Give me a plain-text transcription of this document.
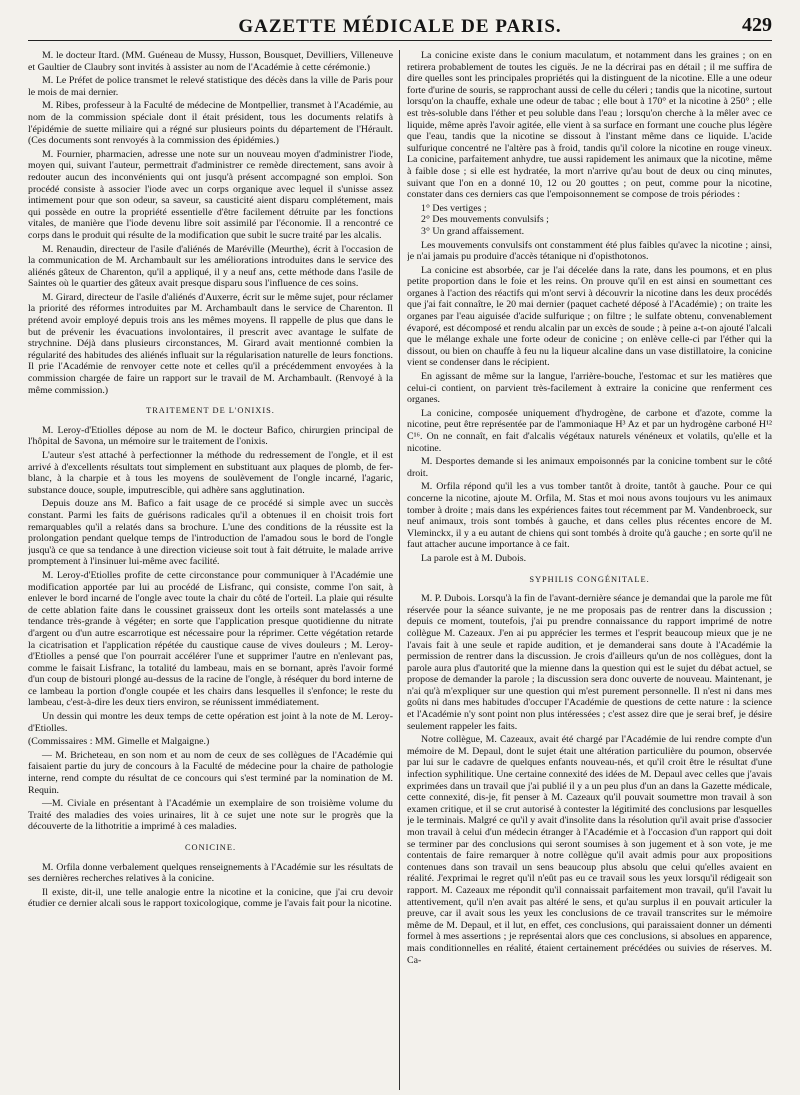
GAZETTE MÉDICALE DE PARIS.	429

M. le docteur Itard. (MM. Guéneau de Mussy, Husson, Bousquet, Devilliers, Villeneuve et Gaultier de Claubry sont invités à assister au nom de l'Académie à cette cérémonie.)

M. Le Préfet de police transmet le relevé statistique des décès dans la ville de Paris pour le mois de mai dernier.

M. Ribes, professeur à la Faculté de médecine de Montpellier, transmet à l'Académie, au nom de la commission spéciale dont il était président, tous les documents relatifs à l'épidémie de suette miliaire qui a régné sur plusieurs points du département de l'Hérault. (Ces documents sont renvoyés à la commission des épidémies.)

M. Fournier, pharmacien, adresse une note sur un nouveau moyen d'administrer l'iode, moyen qui, suivant l'auteur, permettrait d'administrer ce remède directement, sans avoir à redouter aucun des inconvénients qui ont jusqu'à présent accompagné son emploi. Son procédé consiste à associer l'iode avec un corps organique avec lequel il s'unisse assez intimement pour que son odeur, sa saveur, sa causticité aient disparu complétement, mais qui possède en outre la propriété essentielle d'être facilement détruite par les fonctions vitales, de manière que l'iode devenu libre soit assimilé par l'économie. Il a rencontré ce corps dans le produit qui résulte de la modification que subit le sucre traité par les alcalis.

M. Renaudin, directeur de l'asile d'aliénés de Maréville (Meurthe), écrit à l'occasion de la communication de M. Archambault sur les améliorations introduites dans le service des aliénés gâteux de Charenton, qu'il a appliqué, il y a neuf ans, cette méthode dans l'asile de Saintes où le quartier des gâteux avait presque disparu sous l'influence de ces soins.

M. Girard, directeur de l'asile d'aliénés d'Auxerre, écrit sur le même sujet, pour réclamer la priorité des réformes introduites par M. Archambault dans le service de Charenton. Il prétend avoir employé depuis trois ans les mêmes moyens. Il rappelle de plus que dans le but de prévenir les évacuations involontaires, il prescrit avec avantage le sulfate de strychnine. Déjà dans plusieurs circonstances, M. Girard avait mentionné combien la régularité des habitudes des aliénés influait sur la régularisation naturelle de leurs fonctions. Il prie l'Académie de renvoyer cette note et celles qu'il a précédemment envoyées à la commission chargée de faire un rapport sur le travail de M. Archambault. (Renvoyé à la même commission.)

TRAITEMENT DE L'ONIXIS.

M. Leroy-d'Etiolles dépose au nom de M. le docteur Bafico, chirurgien principal de l'hôpital de Savona, un mémoire sur le traitement de l'onixis.

L'auteur s'est attaché à perfectionner la méthode du redressement de l'ongle, et il est arrivé à d'excellents résultats tout simplement en substituant aux plaques de plomb, de fer-blanc, à la charpie et à tous les moyens de soulèvement de l'ongle incarné, l'agaric, substance douce, souple, imputrescible, qui adhère sans agglutination.

Depuis douze ans M. Bafico a fait usage de ce procédé si simple avec un succès constant. Parmi les faits de guérisons radicales qu'il a obtenues il en choisit trois fort remarquables qu'il a relatés dans sa brochure. L'une des conditions de la réussite est la prolongation pendant quelque temps de l'introduction de l'amadou sous le bord de l'ongle jusqu'à ce que sa tendance à une direction vicieuse soit tout à fait détruite, le malade arrive promptement à l'insinuer lui-même avec facilité.

M. Leroy-d'Etiolles profite de cette circonstance pour communiquer à l'Académie une modification apportée par lui au procédé de Lisfranc, qui consiste, comme l'on sait, à enlever le bord incarné de l'ongle avec toute la chair du côté de l'orteil. La plaie qui résulte de cette ablation faite dans le coussinet graisseux dont les orteils sont matelassés a une tendance très-grande à végéter; en sorte que l'application presque quotidienne du nitrate d'argent ou d'un autre escarrotique est nécessaire pour la réprimer. Cette végétation retarde la cicatrisation et l'application répétée du caustique cause de vives douleurs ; M. Leroy-d'Etiolles a pensé que l'on pourrait accélérer l'une et supprimer l'autre en n'enlevant pas, comme le faisait Lisfranc, la totalité du lambeau, mais en se bornant, après l'avoir formé d'un coup de bistouri plongé au-dessus de la racine de l'ongle, à réséquer du bord interne de ce lambeau la portion d'ongle coupée et les chairs dans lesquelles il s'enfonce; le reste du lambeau, c'est-à-dire les deux tiers environ, se réunissent immédiatement.

Un dessin qui montre les deux temps de cette opération est joint à la note de M. Leroy-d'Etiolles.

(Commissaires : MM. Gimelle et Malgaigne.)

— M. Bricheteau, en son nom et au nom de ceux de ses collègues de l'Académie qui faisaient partie du jury de concours à la Faculté de médecine pour la chaire de pathologie interne, rend compte du résultat de ce concours qui s'est terminé par la nomination de M. Requin.

—M. Civiale en présentant à l'Académie un exemplaire de son troisième volume du Traité des maladies des voies urinaires, lit à ce sujet une note sur le progrès que la découverte de la lithotritie a imprimé à ces maladies.

CONICINE.

M. Orfila donne verbalement quelques renseignements à l'Académie sur les résultats de ses dernières recherches relatives à la conicine.

Il existe, dit-il, une telle analogie entre la nicotine et la conicine, que j'ai cru devoir étudier ce dernier alcali sous le rapport toxicologique, comme je l'avais fait pour la nicotine.

La conicine existe dans le conium maculatum, et notamment dans les graines ; on en retirera probablement de toutes les ciguës. Je ne la décrirai pas en détail ; il me suffira de dire quelles sont les principales propriétés qui la distinguent de la nicotine. Elle a une odeur forte d'urine de souris, se rapprochant aussi de celle du céleri ; tandis que la nicotine, surtout lorsqu'on la chauffe, exhale une odeur de tabac ; elle bout à 170° et la nicotine à 250° ; elle est très-soluble dans l'éther et peu soluble dans l'eau ; lorsqu'on cherche à la mêler avec ce liquide, même après l'avoir agitée, elle vient à sa surface en formant une couche plus légère que l'eau, tandis que la nicotine se dissout à l'instant même dans ce liquide. L'acide sulfurique concentré ne l'altère pas à froid, tandis qu'il colore la nicotine en rouge vineux. La conicine, parfaitement anhydre, tue aussi rapidement les animaux que la nicotine, même à faible dose ; si elle est hydratée, la mort n'arrive qu'au bout de deux ou cinq minutes, suivant que l'on en a donné 10, 12 ou 20 gouttes ; on peut, comme pour la nicotine, constater dans ces derniers cas que l'empoisonnement se compose de trois périodes :

1° Des vertiges ;
2° Des mouvements convulsifs ;
3° Un grand affaissement.

Les mouvements convulsifs ont constamment été plus faibles qu'avec la nicotine ; ainsi, je n'ai jamais pu produire d'accès tétanique ni d'opisthotonos.

La conicine est absorbée, car je l'ai décelée dans la rate, dans les poumons, et en plus petite proportion dans le foie et les reins. On prouve qu'il en est ainsi en soumettant ces organes à l'action des réactifs qui m'ont servi à découvrir la nicotine dans les deux procédés que j'ai fait connaître, le 20 mai dernier (paquet cacheté déposé à l'Académie) ; on traite les organes par l'eau aiguisée d'acide sulfurique ; on filtre ; le sulfate obtenu, convenablement évaporé, est décomposé et rendu alcalin par un excès de soude ; à peine a-t-on ajouté l'alcali que le mélange exhale une forte odeur de conicine ; on enlève celle-ci par l'éther qui la dissout, ou bien on chauffe à feu nu la liqueur alcaline dans un vase distillatoire, la conicine vient se condenser dans le récipient.

En agissant de même sur la langue, l'arrière-bouche, l'estomac et sur les matières que celui-ci contient, on parvient très-facilement à extraire la conicine que renferment ces organes.

La conicine, composée uniquement d'hydrogène, de carbone et d'azote, comme la nicotine, peut être représentée par de l'ammoniaque H³ Az et par un hydrogène carboné H¹² C¹⁶. On ne connaît, en fait d'alcalis végétaux naturels vénéneux et volatils, qu'elle et la nicotine.

M. Desportes demande si les animaux empoisonnés par la conicine tombent sur le côté droit.

M. Orfila répond qu'il les a vus tomber tantôt à droite, tantôt à gauche. Pour ce qui concerne la nicotine, ajoute M. Orfila, M. Stas et moi nous avons toujours vu les animaux tomber à droite ; mais dans les expériences faites tout récemment par M. Vandenbroeck, sur neuf animaux, trois sont tombés à gauche, et dans celles plus récentes encore de M. Vleminckx, il y a eu autant de chiens qui sont tombés à droite qu'à gauche ; en sorte qu'il ne faut attacher aucune importance à ce fait.

La parole est à M. Dubois.

SYPHILIS CONGÉNITALE.

M. P. Dubois. Lorsqu'à la fin de l'avant-dernière séance je demandai que la parole me fût réservée pour la séance suivante, je ne me proposais pas de rentrer dans la discussion ; depuis ce moment, toutefois, j'ai pu prendre connaissance du rapport imprimé de notre collègue M. Cazeaux. J'en ai pu apprécier les termes et l'esprit beaucoup mieux que je ne l'avais fait à une seule et rapide audition, et je demanderai sans doute à l'Académie la permission de rentrer dans la discussion. Je crois d'ailleurs qu'un de nos collègues, dont la parole aura plus d'autorité que la mienne dans la question qui est le sujet du débat actuel, se propose de demander la parole ; la discussion sera donc ouverte de nouveau. Maintenant, je n'ai qu'à m'expliquer sur une question qui m'est purement personnelle. Il n'est ni dans mes goûts ni dans mes habitudes d'occuper l'Académie de questions de cette nature : la science et l'Académie n'y sont point non plus intéressées ; c'est assez dire que je serai bref, je désire seulement rappeler les faits.

Notre collègue, M. Cazeaux, avait été chargé par l'Académie de lui rendre compte d'un mémoire de M. Depaul, dont le sujet était une altération particulière du poumon, observée par lui sur le cadavre de quelques enfants nouveau-nés, et qu'il croit être le résultat d'une infection syphilitique. Une certaine connexité des idées de M. Depaul avec celles que j'avais exprimées dans un travail que j'ai publié il y a un peu plus d'un an dans la Gazette médicale, cette connexité, dis-je, fit penser à M. Cazeaux qu'il pouvait soumettre mon travail à son examen critique, et il se crut autorisé à contester la légitimité des conclusions par lesquelles je le terminais. Malgré ce qu'il y avait d'insolite dans la résolution qu'il avait prise d'associer mon travail à celui d'un médecin étranger à l'Académie et à l'occasion d'un rapport qui doit se terminer par des conclusions qui seront soumises à son jugement et à son vote, je me contentais de faire remarquer à notre collègue qu'il avait admis pour aux propositions contenues dans son travail un sens beaucoup plus absolu que celui qu'elles avaient en réalité. J'exprimai le regret qu'il n'eût pas eu ce travail sous les yeux lorsqu'il rédigeait son rapport. M. Cazeaux me répondit qu'il connaissait parfaitement mon travail, qu'il l'avait lu attentivement, qu'il n'en avait pas altéré le sens, et qu'au surplus il en pouvait articuler la preuve, car il avait sous les yeux les conclusions de ce travail transcrites sur le mémoire même de M. Depaul, et il lut, en effet, ces conclusions, qui paraissaient donner un démenti formel à mes assertions ; je représentai alors que ces conclusions, si absolues en apparence, mais conditionnelles en réalité, étaient certainement précédées ou suivies de réserves. M. Ca-
